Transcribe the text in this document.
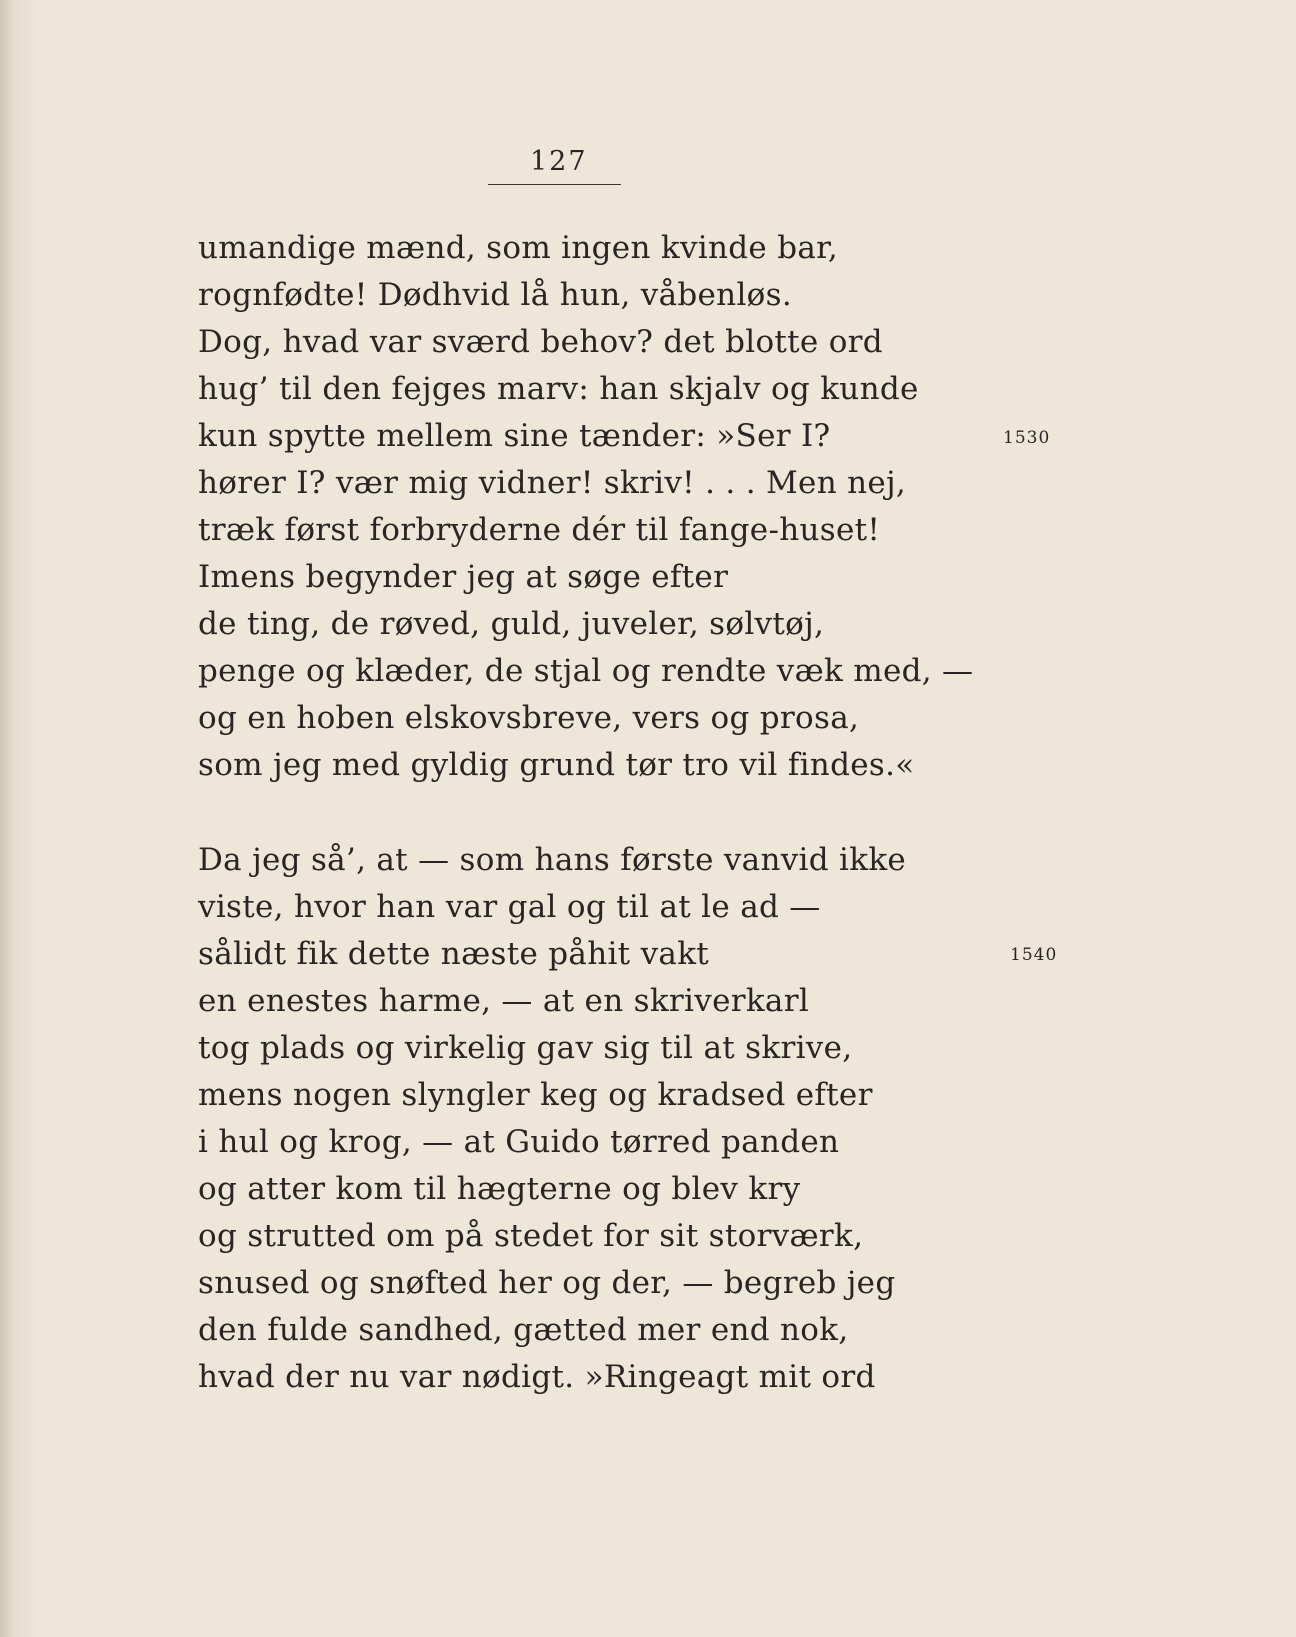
127
umandige mænd, som ingen kvinde bar,
rognfødte! Dødhvid lå hun, våbenløs.
Dog, hvad var sværd behov? det blotte ord
hug’ til den fejges marv: han skjalv og kunde
kun spytte mellem sine tænder: »Ser I?
hører I? vær mig vidner! skriv! . . . Men nej,
træk først forbryderne dér til fange-huset!
Imens begynder jeg at søge efter
de ting, de røved, guld, juveler, sølvtøj,
penge og klæder, de stjal og rendte væk med, —
og en hoben elskovsbreve, vers og prosa,
som jeg med gyldig grund tør tro vil findes.«
1530
Da jeg så’, at — som hans første vanvid ikke
viste, hvor han var gal og til at le ad —
sålidt fik dette næste påhit vakt
en enestes harme, — at en skriverkarl
tog plads og virkelig gav sig til at skrive,
mens nogen slyngler keg og kradsed efter
i hul og krog, — at Guido tørred panden
og atter kom til hægterne og blev kry
og strutted om på stedet for sit storværk,
snused og snøfted her og der, — begreb jeg
den fulde sandhed, gætted mer end nok,
hvad der nu var nødigt. »Ringeagt mit ord
1540
